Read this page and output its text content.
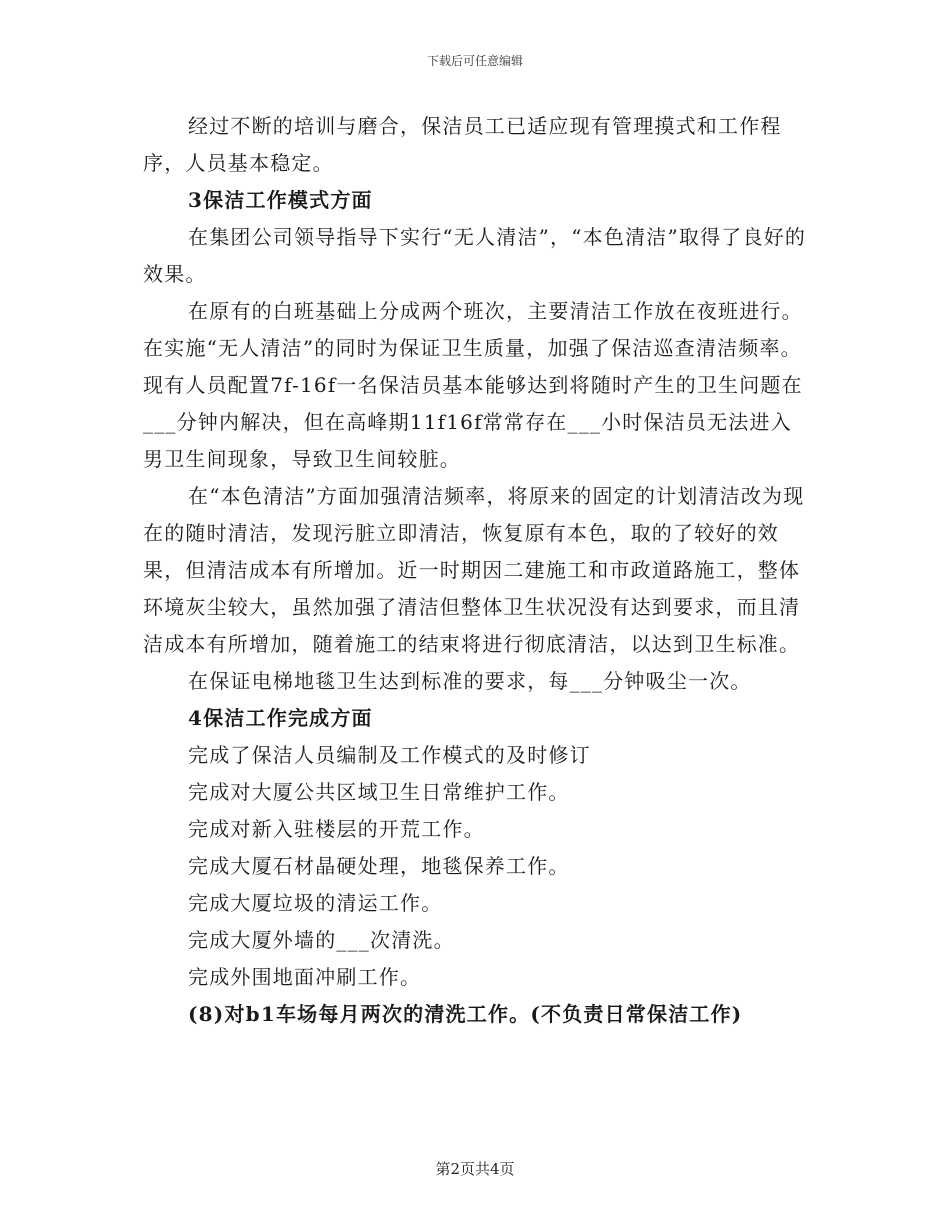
下载后可任意编辑

经过不断的培训与磨合，保洁员工已适应现有管理摸式和工作程序，人员基本稳定。

3保洁工作模式方面

在集团公司领导指导下实行“无人清洁”，“本色清洁”取得了良好的效果。

在原有的白班基础上分成两个班次，主要清洁工作放在夜班进行。在实施“无人清洁”的同时为保证卫生质量，加强了保洁巡查清洁频率。现有人员配置7f-16f一名保洁员基本能够达到将随时产生的卫生问题在___分钟内解决，但在高峰期11f16f常常存在___小时保洁员无法进入男卫生间现象，导致卫生间较脏。

在“本色清洁”方面加强清洁频率，将原来的固定的计划清洁改为现在的随时清洁，发现污脏立即清洁，恢复原有本色，取的了较好的效果，但清洁成本有所增加。近一时期因二建施工和市政道路施工，整体环境灰尘较大，虽然加强了清洁但整体卫生状况没有达到要求，而且清洁成本有所增加，随着施工的结束将进行彻底清洁，以达到卫生标准。

在保证电梯地毯卫生达到标准的要求，每___分钟吸尘一次。

4保洁工作完成方面

完成了保洁人员编制及工作模式的及时修订

完成对大厦公共区域卫生日常维护工作。

完成对新入驻楼层的开荒工作。

完成大厦石材晶硬处理，地毯保养工作。

完成大厦垃圾的清运工作。

完成大厦外墙的___次清洗。

完成外围地面冲刷工作。

(8)对b1车场每月两次的清洗工作。(不负责日常保洁工作)

第2页共4页
